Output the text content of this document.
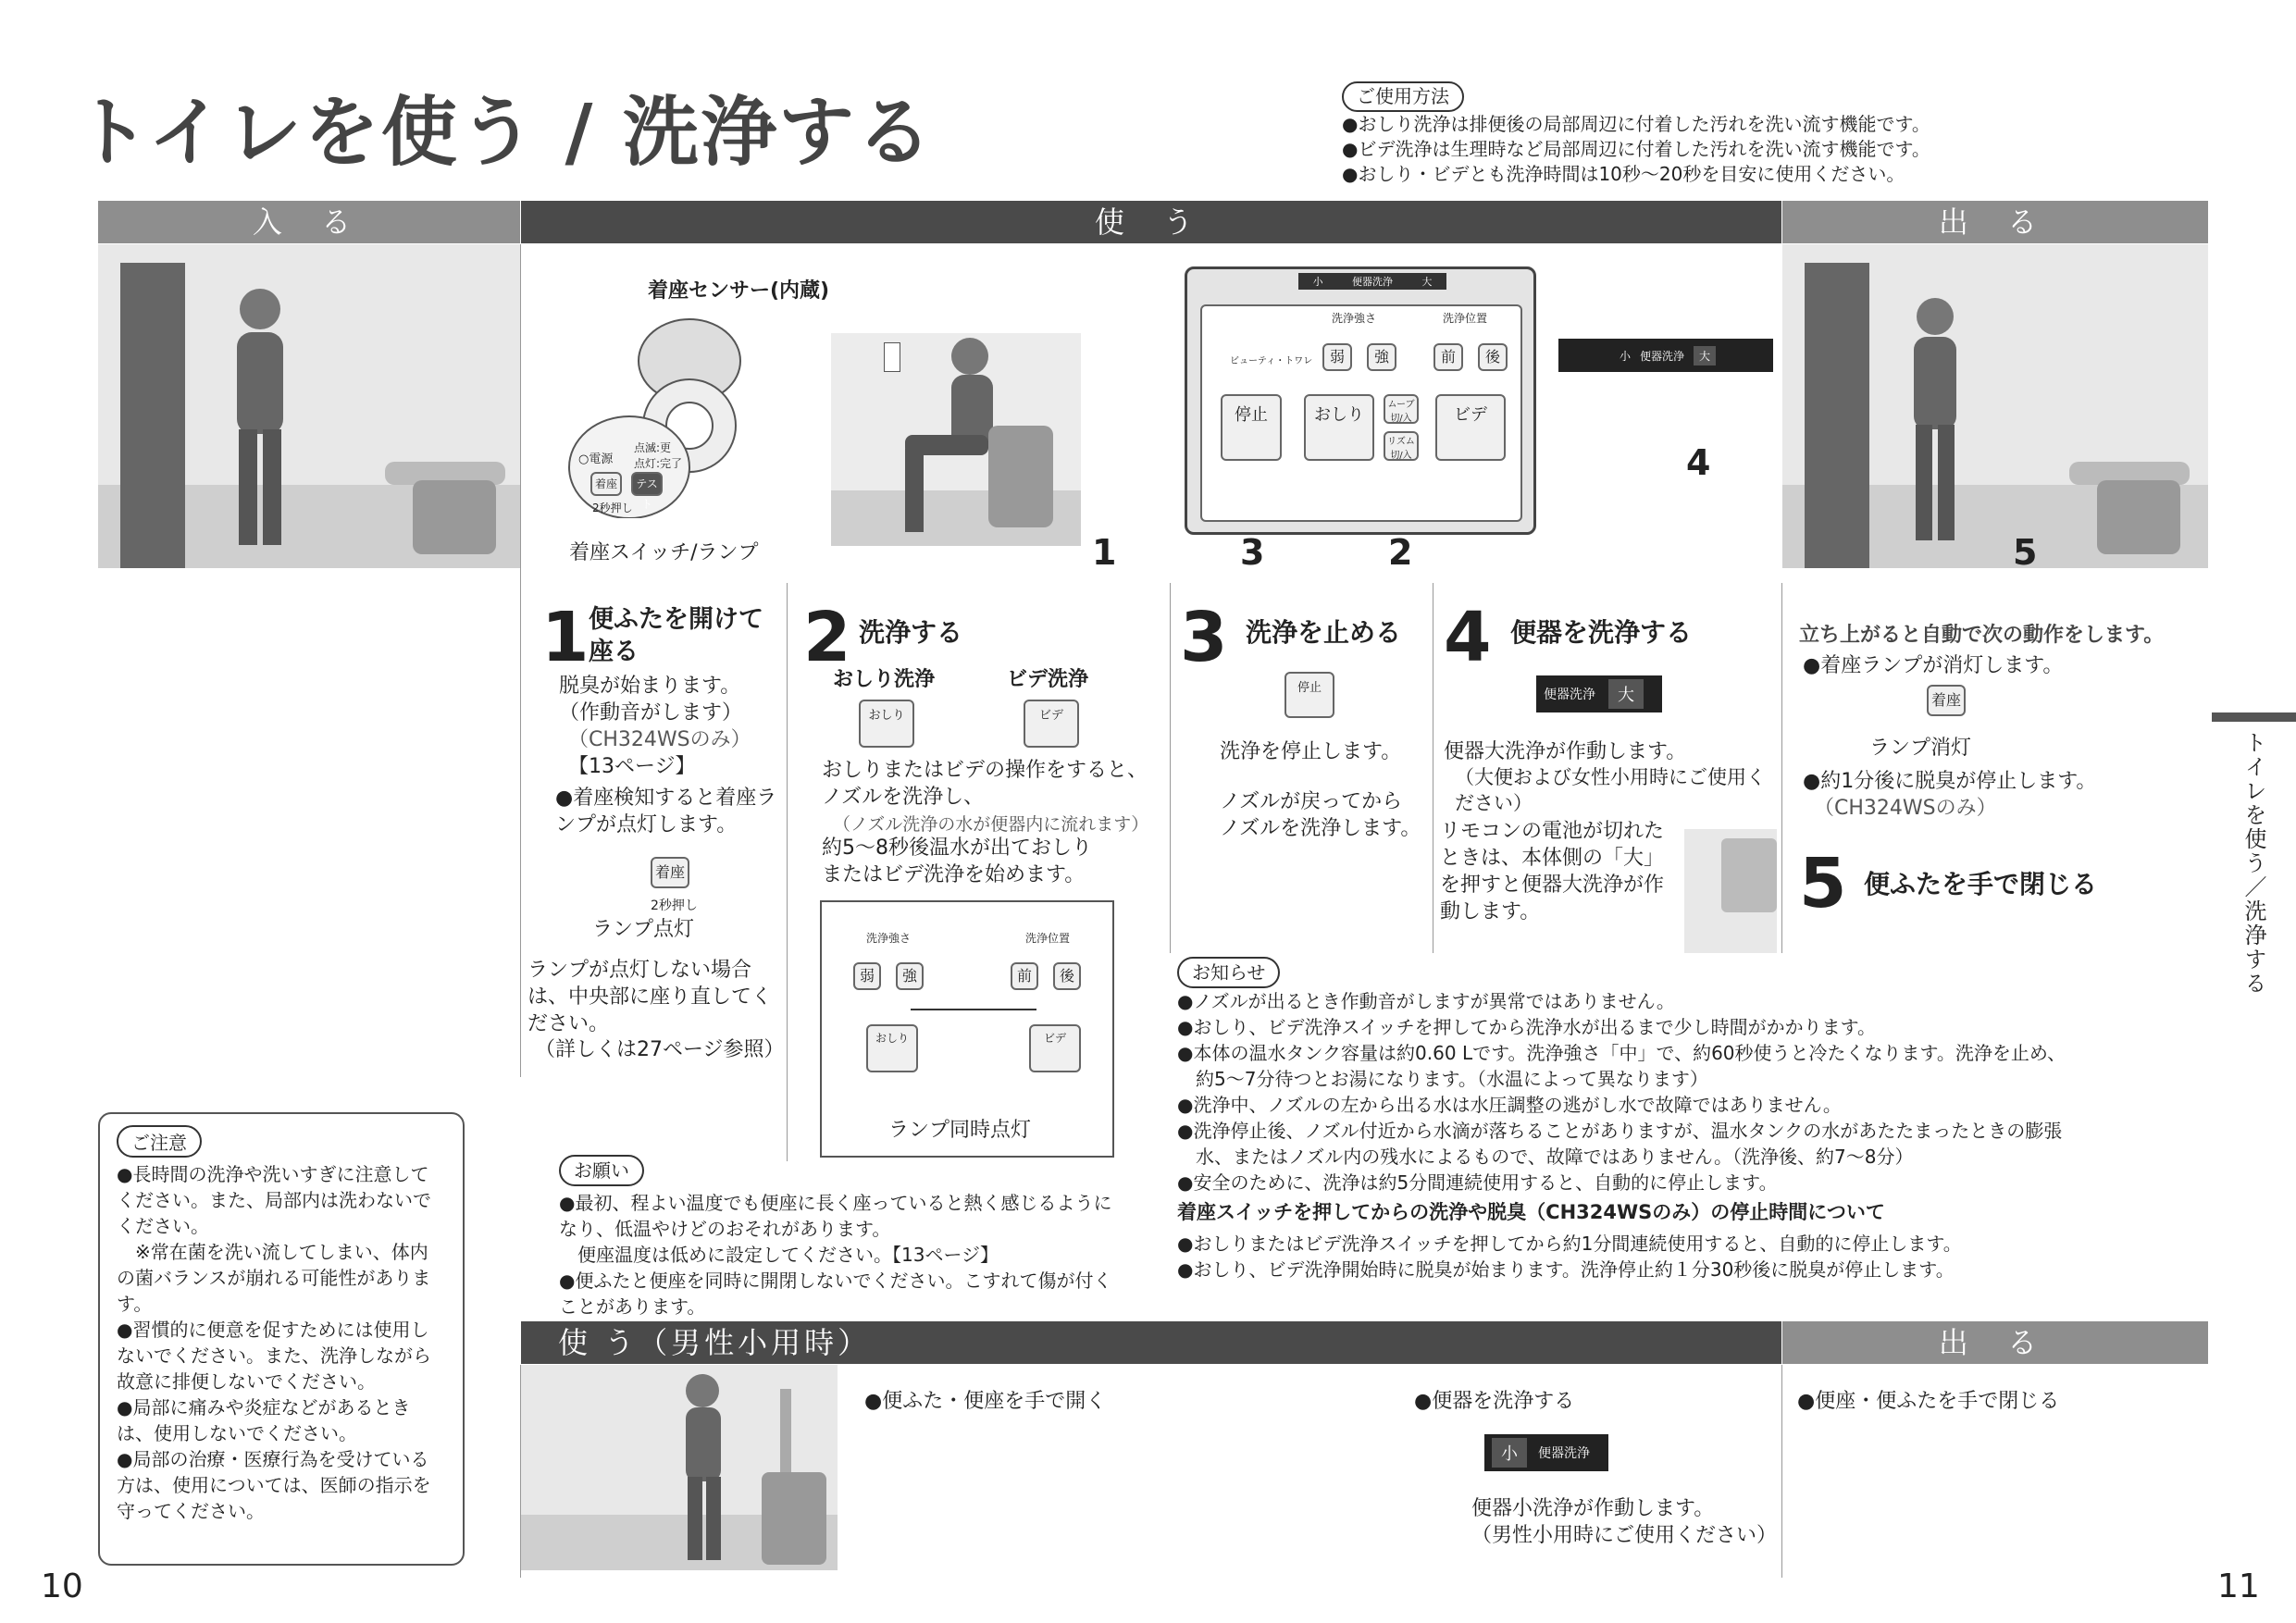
トイレを使う / 洗浄する	ご使用方法
●おしり洗浄は排便後の局部周辺に付着した汚れを洗い流す機能です。
●ビデ洗浄は生理時など局部周辺に付着した汚れを洗い流す機能です。
●おしり・ビデとも洗浄時間は10秒～20秒を目安に使用ください。
入 る	使 う	出 る
着座センサー(内蔵)
○電源
点滅:更
点灯:完了
着座	テスト
2秒押し
着座スイッチ/ランプ	1
小	便器洗浄	大
洗浄強さ	洗浄位置
ビューティ・トワレ	弱	強	前	後
停止	おしり
ムーブ切/入
リズム切/入
ビデ
小 便器洗浄	大
4
3	2	5
1 便ふたを開けて座る
脱臭が始まります。
（作動音がします）
（CH324WSのみ）
【13ページ】
●着座検知すると着座ランプが点灯します。
着座
2秒押し
ランプ点灯
ランプが点灯しない場合は、中央部に座り直してください。
（詳しくは27ページ参照）
2 洗浄する
おしり洗浄	ビデ洗浄
おしり	ビデ
おしりまたはビデの操作をすると、
ノズルを洗浄し、
（ノズル洗浄の水が便器内に流れます）
約5～8秒後温水が出ておしり
またはビデ洗浄を始めます。
洗浄強さ	洗浄位置
弱	強	前	後
おしり	ビデ
ランプ同時点灯
3 洗浄を止める
停止
洗浄を停止します。
ノズルが戻ってから
ノズルを洗浄します。
4 便器を洗浄する
便器洗浄	大
便器大洗浄が作動します。
（大便および女性小用時にご使用ください）
リモコンの電池が切れたときは、本体側の「大」を押すと便器大洗浄が作動します。
立ち上がると自動で次の動作をします。
●着座ランプが消灯します。
着座
ランプ消灯
●約1分後に脱臭が停止します。
（CH324WSのみ）
5 便ふたを手で閉じる
お知らせ
●ノズルが出るとき作動音がしますが異常ではありません。
●おしり、ビデ洗浄スイッチを押してから洗浄水が出るまで少し時間がかかります。
●本体の温水タンク容量は約0.60 Lです。洗浄強さ「中」で、約60秒使うと冷たくなります。洗浄を止め、
　約5～7分待つとお湯になります。（水温によって異なります）
●洗浄中、ノズルの左から出る水は水圧調整の逃がし水で故障ではありません。
●洗浄停止後、ノズル付近から水滴が落ちることがありますが、温水タンクの水があたたまったときの膨張
　水、またはノズル内の残水によるもので、故障ではありません。（洗浄後、約7～8分）
●安全のために、洗浄は約5分間連続使用すると、自動的に停止します。
着座スイッチを押してからの洗浄や脱臭（CH324WSのみ）の停止時間について
●おしりまたはビデ洗浄スイッチを押してから約1分間連続使用すると、自動的に停止します。
●おしり、ビデ洗浄開始時に脱臭が始まります。洗浄停止約１分30秒後に脱臭が停止します。
お願い
●最初、程よい温度でも便座に長く座っていると熱く感じるようになり、低温やけどのおそれがあります。
　便座温度は低めに設定してください。【13ページ】
●便ふたと便座を同時に開閉しないでください。こすれて傷が付くことがあります。
ご注意
●長時間の洗浄や洗いすぎに注意してください。また、局部内は洗わないでください。
　※常在菌を洗い流してしまい、体内の菌バランスが崩れる可能性があります。
●習慣的に便意を促すためには使用しないでください。また、洗浄しながら故意に排便しないでください。
●局部に痛みや炎症などがあるときは、使用しないでください。
●局部の治療・医療行為を受けている方は、使用については、医師の指示を守ってください。
使 う（男性小用時）	出 る
●便ふた・便座を手で開く	●便器を洗浄する
小	便器洗浄
便器小洗浄が作動します。
（男性小用時にご使用ください）
●便座・便ふたを手で閉じる
トイレを使う／洗浄する
10	11
